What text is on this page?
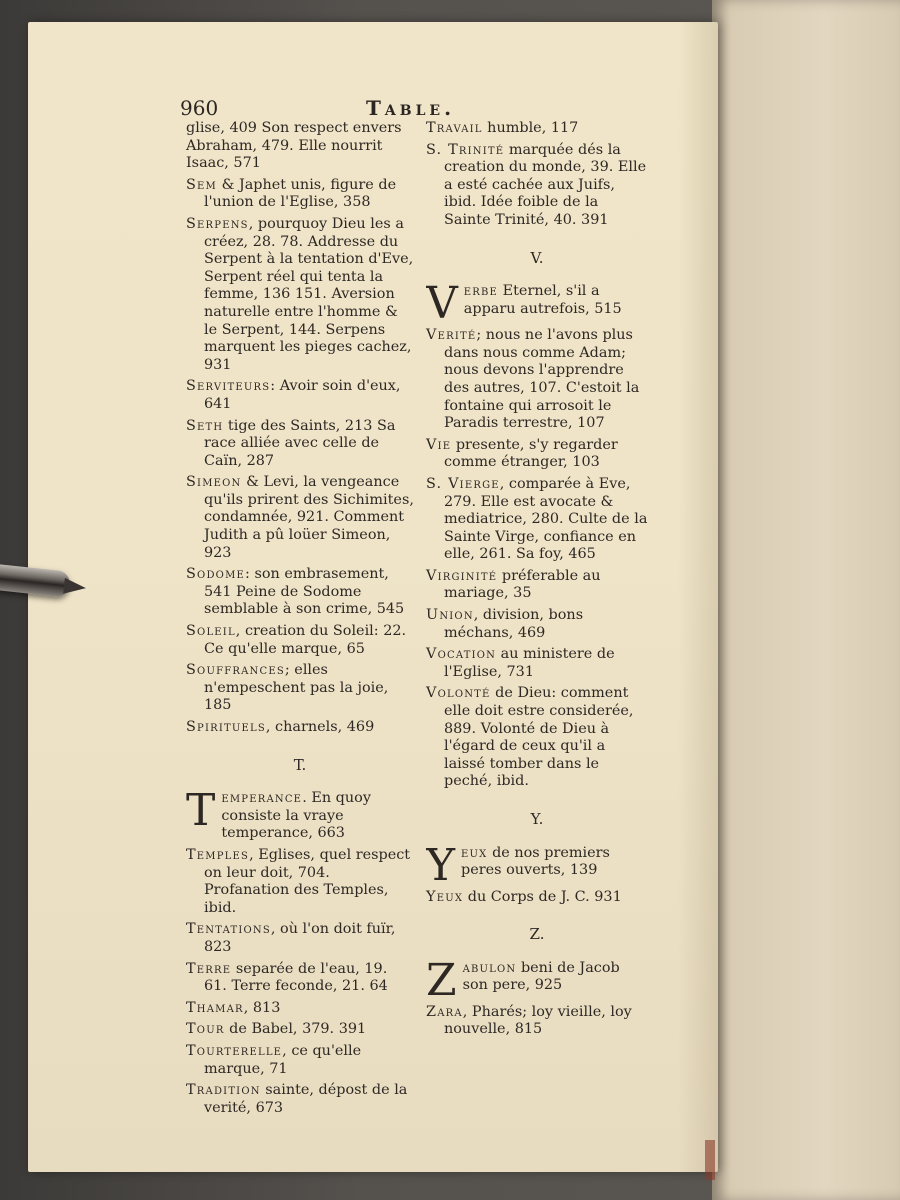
960	Table.
glise, 409 Son respect envers Abraham, 479. Elle nourrit Isaac, 571
Sem & Japhet unis, figure de l'union de l'Eglise, 358
Serpens, pourquoy Dieu les a créez, 28. 78. Addresse du Serpent à la tentation d'Eve, Serpent réel qui tenta la femme, 136 151. Aversion naturelle entre l'homme & le Serpent, 144. Serpens marquent les pieges cachez, 931
Serviteurs: Avoir soin d'eux, 641
Seth tige des Saints, 213 Sa race alliée avec celle de Caïn, 287
Simeon & Levi, la vengeance qu'ils prirent des Sichimites, condamnée, 921. Comment Judith a pû loüer Simeon, 923
Sodome: son embrasement, 541 Peine de Sodome semblable à son crime, 545
Soleil, creation du Soleil: 22. Ce qu'elle marque, 65
Souffrances; elles n'empeschent pas la joie, 185
Spirituels, charnels, 469
T.
Temperance. En quoy consiste la vraye temperance, 663
Temples, Eglises, quel respect on leur doit, 704. Profanation des Temples, ibid.
Tentations, où l'on doit fuïr, 823
Terre separée de l'eau, 19. 61. Terre feconde, 21. 64
Thamar, 813
Tour de Babel, 379. 391
Tourterelle, ce qu'elle marque, 71
Tradition sainte, dépost de la verité, 673
Travail humble, 117
S. Trinité marquée dés la creation du monde, 39. Elle a esté cachée aux Juifs, ibid. Idée foible de la Sainte Trinité, 40. 391
V.
Verbe Eternel, s'il a apparu autrefois, 515
Verité; nous ne l'avons plus dans nous comme Adam; nous devons l'apprendre des autres, 107. C'estoit la fontaine qui arrosoit le Paradis terrestre, 107
Vie presente, s'y regarder comme étranger, 103
S. Vierge, comparée à Eve, 279. Elle est avocate & mediatrice, 280. Culte de la Sainte Virge, confiance en elle, 261. Sa foy, 465
Virginité préferable au mariage, 35
Union, division, bons méchans, 469
Vocation au ministere de l'Eglise, 731
Volonté de Dieu: comment elle doit estre considerée, 889. Volonté de Dieu à l'égard de ceux qu'il a laissé tomber dans le peché, ibid.
Y.
Yeux de nos premiers peres ouverts, 139
Yeux du Corps de J. C. 931
Z.
Zabulon beni de Jacob son pere, 925
Zara, Pharés; loy vieille, loy nouvelle, 815
